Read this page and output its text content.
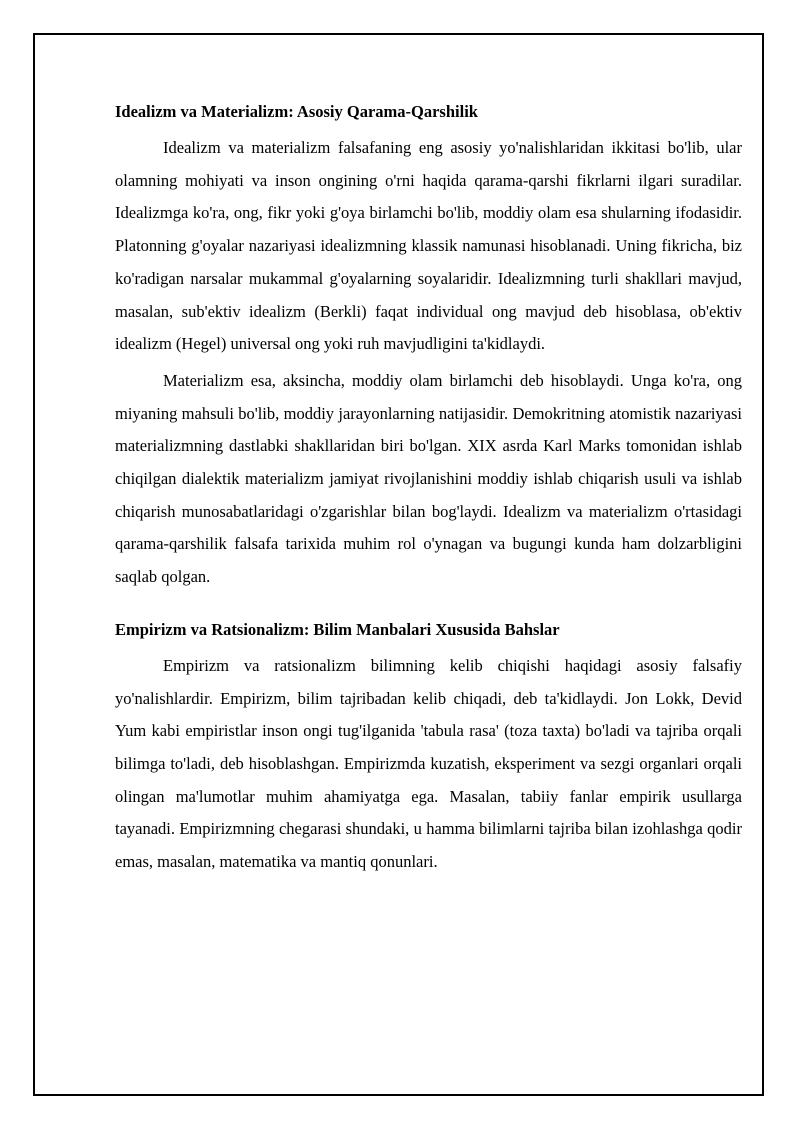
Idealizm va Materializm: Asosiy Qarama-Qarshilik

Idealizm va materializm falsafaning eng asosiy yo'nalishlaridan ikkitasi bo'lib, ular olamning mohiyati va inson ongining o'rni haqida qarama-qarshi fikrlarni ilgari suradilar. Idealizmga ko'ra, ong, fikr yoki g'oya birlamchi bo'lib, moddiy olam esa shularning ifodasidir. Platonning g'oyalar nazariyasi idealizmning klassik namunasi hisoblanadi. Uning fikricha, biz ko'radigan narsalar mukammal g'oyalarning soyalaridir. Idealizmning turli shakllari mavjud, masalan, sub'ektiv idealizm (Berkli) faqat individual ong mavjud deb hisoblasa, ob'ektiv idealizm (Hegel) universal ong yoki ruh mavjudligini ta'kidlaydi.

Materializm esa, aksincha, moddiy olam birlamchi deb hisoblaydi. Unga ko'ra, ong miyaning mahsuli bo'lib, moddiy jarayonlarning natijasidir. Demokritning atomistik nazariyasi materializmning dastlabki shakllaridan biri bo'lgan. XIX asrda Karl Marks tomonidan ishlab chiqilgan dialektik materializm jamiyat rivojlanishini moddiy ishlab chiqarish usuli va ishlab chiqarish munosabatlaridagi o'zgarishlar bilan bog'laydi. Idealizm va materializm o'rtasidagi qarama-qarshilik falsafa tarixida muhim rol o'ynagan va bugungi kunda ham dolzarbligini saqlab qolgan.

Empirizm va Ratsionalizm: Bilim Manbalari Xususida Bahslar

Empirizm va ratsionalizm bilimning kelib chiqishi haqidagi asosiy falsafiy yo'nalishlardir. Empirizm, bilim tajribadan kelib chiqadi, deb ta'kidlaydi. Jon Lokk, Devid Yum kabi empiristlar inson ongi tug'ilganida 'tabula rasa' (toza taxta) bo'ladi va tajriba orqali bilimga to'ladi, deb hisoblashgan. Empirizmda kuzatish, eksperiment va sezgi organlari orqali olingan ma'lumotlar muhim ahamiyatga ega. Masalan, tabiiy fanlar empirik usullarga tayanadi. Empirizmning chegarasi shundaki, u hamma bilimlarni tajriba bilan izohlashga qodir emas, masalan, matematika va mantiq qonunlari.
